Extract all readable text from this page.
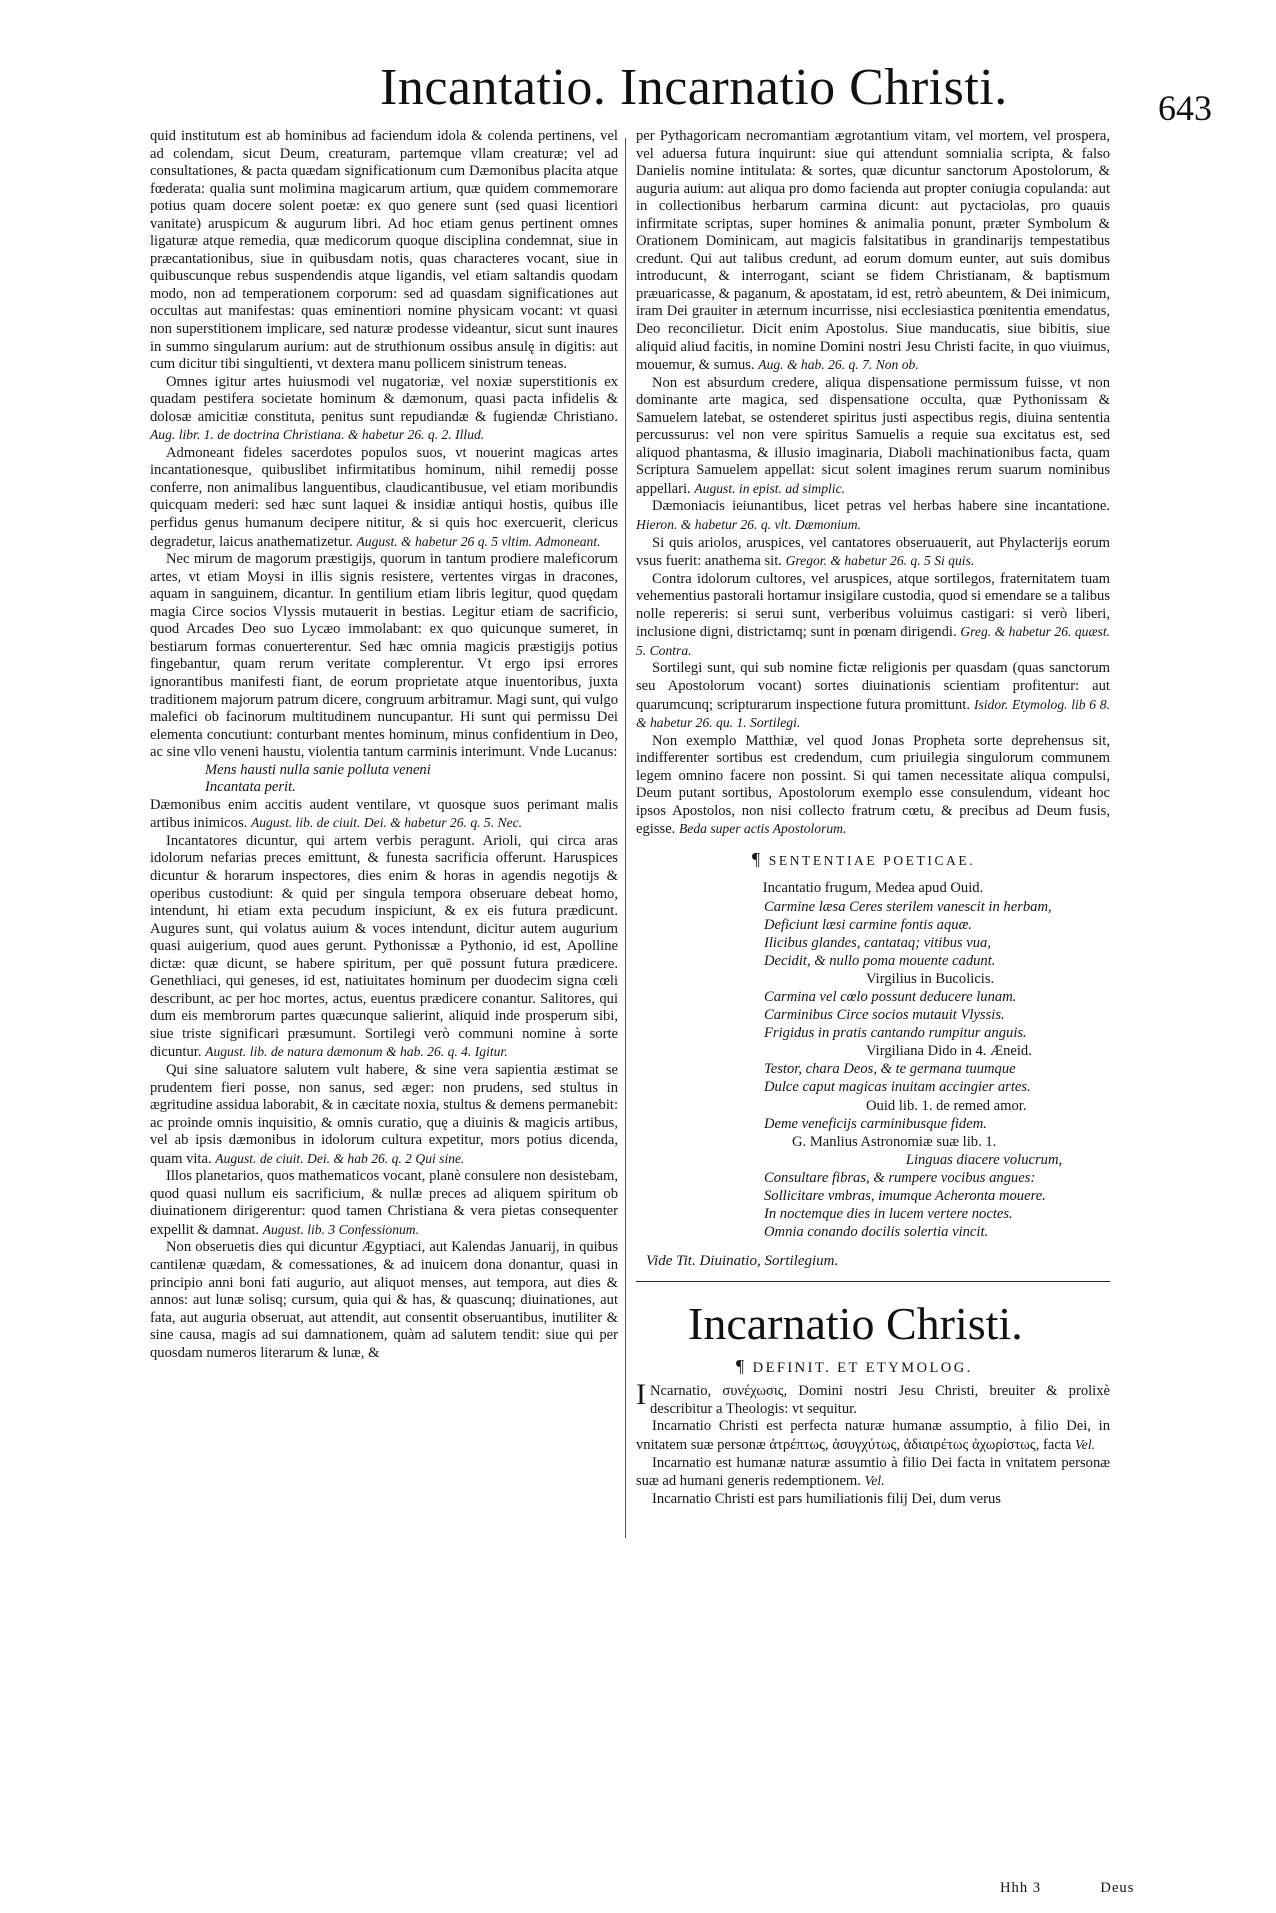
Incantatio. Incarnatio Christi.	643

quid institutum est ab hominibus ad faciendum idola & colenda pertinens, vel ad colendam, sicut Deum, creaturam, partemque vllam creaturæ; vel ad consultationes, & pacta quædam significationum cum Dæmonibus placita atque fœderata: qualia sunt molimina magicarum artium, quæ quidem commemorare potius quam docere solent poetæ: ex quo genere sunt (sed quasi licentiori vanitate) aruspicum & augurum libri. Ad hoc etiam genus pertinent omnes ligaturæ atque remedia, quæ medicorum quoque disciplina condemnat, siue in præcantationibus, siue in quibusdam notis, quas characteres vocant, siue in quibuscunque rebus suspendendis atque ligandis, vel etiam saltandis quodam modo, non ad temperationem corporum: sed ad quasdam significationes aut occultas aut manifestas: quas eminentiori nomine physicam vocant: vt quasi non superstitionem implicare, sed naturæ prodesse videantur, sicut sunt inaures in summo singularum aurium: aut de struthionum ossibus ansulę in digitis: aut cum dicitur tibi singultienti, vt dextera manu pollicem sinistrum teneas.

Omnes igitur artes huiusmodi vel nugatoriæ, vel noxiæ superstitionis ex quadam pestifera societate hominum & dæmonum, quasi pacta infidelis & dolosæ amicitiæ constituta, penitus sunt repudiandæ & fugiendæ Christiano. Aug. libr. 1. de doctrina Christiana. & habetur 26. q. 2. Illud.

Admoneant fideles sacerdotes populos suos, vt nouerint magicas artes incantationesque, quibuslibet infirmitatibus hominum, nihil remedij posse conferre, non animalibus languentibus, claudicantibusue, vel etiam moribundis quicquam mederi: sed hæc sunt laquei & insidiæ antiqui hostis, quibus ille perfidus genus humanum decipere nititur, & si quis hoc exercuerit, clericus degradetur, laicus anathematizetur. August. & habetur 26 q. 5 vltim. Admoneant.

Nec mirum de magorum præstigijs, quorum in tantum prodiere maleficorum artes, vt etiam Moysi in illis signis resistere, vertentes virgas in dracones, aquam in sanguinem, dicantur. In gentilium etiam libris legitur, quod quędam magia Circe socios Vlyssis mutauerit in bestias. Legitur etiam de sacrificio, quod Arcades Deo suo Lycæo immolabant: ex quo quicunque sumeret, in bestiarum formas conuerterentur. Sed hæc omnia magicis præstigijs potius fingebantur, quam rerum veritate complerentur. Vt ergo ipsi errores ignorantibus manifesti fiant, de eorum proprietate atque inuentoribus, juxta traditionem majorum patrum dicere, congruum arbitramur. Magi sunt, qui vulgo malefici ob facinorum multitudinem nuncupantur. Hi sunt qui permissu Dei elementa concutiunt: conturbant mentes hominum, minus confidentium in Deo, ac sine vllo veneni haustu, violentia tantum carminis interimunt. Vnde Lucanus:

Mens hausti nulla sanie polluta veneni
Incantata perit.

Dæmonibus enim accitis audent ventilare, vt quosque suos perimant malis artibus inimicos. August. lib. de ciuit. Dei. & habetur 26. q. 5. Nec.

Incantatores dicuntur, qui artem verbis peragunt. Arioli, qui circa aras idolorum nefarias preces emittunt, & funesta sacrificia offerunt. Haruspices dicuntur & horarum inspectores, dies enim & horas in agendis negotijs & operibus custodiunt: & quid per singula tempora obseruare debeat homo, intendunt, hi etiam exta pecudum inspiciunt, & ex eis futura prædicunt. Augures sunt, qui volatus auium & voces intendunt, dicitur autem augurium quasi auigerium, quod aues gerunt. Pythonissæ a Pythonio, id est, Apolline dictæ: quæ dicunt, se habere spiritum, per quē possunt futura prædicere. Genethliaci, qui geneses, id est, natiuitates hominum per duodecim signa cœli describunt, ac per hoc mortes, actus, euentus prædicere conantur. Salitores, qui dum eis membrorum partes quæcunque salierint, aliquid inde prosperum sibi, siue triste significari præsumunt. Sortilegi verò communi nomine à sorte dicuntur. August. lib. de natura dæmonum & hab. 26. q. 4. Igitur.

Qui sine saluatore salutem vult habere, & sine vera sapientia æstimat se prudentem fieri posse, non sanus, sed æger: non prudens, sed stultus in ægritudine assidua laborabit, & in cæcitate noxia, stultus & demens permanebit: ac proinde omnis inquisitio, & omnis curatio, quę a diuinis & magicis artibus, vel ab ipsis dæmonibus in idolorum cultura expetitur, mors potius dicenda, quam vita. August. de ciuit. Dei. & hab 26. q. 2 Qui sine.

Illos planetarios, quos mathematicos vocant, planè consulere non desistebam, quod quasi nullum eis sacrificium, & nullæ preces ad aliquem spiritum ob diuinationem dirigerentur: quod tamen Christiana & vera pietas consequenter expellit & damnat. August. lib. 3 Confessionum.

Non obseruetis dies qui dicuntur Ægyptiaci, aut Kalendas Januarij, in quibus cantilenæ quædam, & comessationes, & ad inuicem dona donantur, quasi in principio anni boni fati augurio, aut aliquot menses, aut tempora, aut dies & annos: aut lunæ solisq; cursum, quia qui & has, & quascunq; diuinationes, aut fata, aut auguria obseruat, aut attendit, aut consentit obseruantibus, inutiliter & sine causa, magis ad sui damnationem, quàm ad salutem tendit: siue qui per quosdam numeros literarum & lunæ, &

per Pythagoricam necromantiam ægrotantium vitam, vel mortem, vel prospera, vel aduersa futura inquirunt: siue qui attendunt somnialia scripta, & falso Danielis nomine intitulata: & sortes, quæ dicuntur sanctorum Apostolorum, & auguria auium: aut aliqua pro domo facienda aut propter coniugia copulanda: aut in collectionibus herbarum carmina dicunt: aut pyctaciolas, pro quauis infirmitate scriptas, super homines & animalia ponunt, præter Symbolum & Orationem Dominicam, aut magicis falsitatibus in grandinarijs tempestatibus credunt. Qui aut talibus credunt, ad eorum domum eunter, aut suis domibus introducunt, & interrogant, sciant se fidem Christianam, & baptismum præuaricasse, & paganum, & apostatam, id est, retrò abeuntem, & Dei inimicum, iram Dei grauiter in æternum incurrisse, nisi ecclesiastica pœnitentia emendatus, Deo reconcilietur. Dicit enim Apostolus. Siue manducatis, siue bibitis, siue aliquid aliud facitis, in nomine Domini nostri Jesu Christi facite, in quo viuimus, mouemur, & sumus. Aug. & hab. 26. q. 7. Non ob.

Non est absurdum credere, aliqua dispensatione permissum fuisse, vt non dominante arte magica, sed dispensatione occulta, quæ Pythonissam & Samuelem latebat, se ostenderet spiritus justi aspectibus regis, diuina sententia percussurus: vel non vere spiritus Samuelis a requie sua excitatus est, sed aliquod phantasma, & illusio imaginaria, Diaboli machinationibus facta, quam Scriptura Samuelem appellat: sicut solent imagines rerum suarum nominibus appellari. August. in epist. ad simplic.

Dæmoniacis ieiunantibus, licet petras vel herbas habere sine incantatione. Hieron. & habetur 26. q. vlt. Dæmonium.

Si quis ariolos, aruspices, vel cantatores obseruauerit, aut Phylacterijs eorum vsus fuerit: anathema sit. Gregor. & habetur 26. q. 5 Si quis.

Contra idolorum cultores, vel aruspices, atque sortilegos, fraternitatem tuam vehementius pastorali hortamur insigilare custodia, quod si emendare se a talibus nolle repereris: si serui sunt, verberibus voluimus castigari: si verò liberi, inclusione digni, districtamq; sunt in pœnam dirigendi. Greg. & habetur 26. quæst. 5. Contra.

Sortilegi sunt, qui sub nomine fictæ religionis per quasdam (quas sanctorum seu Apostolorum vocant) sortes diuinationis scientiam profitentur: aut quarumcunq; scripturarum inspectione futura promittunt. Isidor. Etymolog. lib 6 8. & habetur 26. qu. 1. Sortilegi.

Non exemplo Matthiæ, vel quod Jonas Propheta sorte deprehensus sit, indifferenter sortibus est credendum, cum priuilegia singulorum communem legem omnino facere non possint. Si qui tamen necessitate aliqua compulsi, Deum putant sortibus, Apostolorum exemplo esse consulendum, videant hoc ipsos Apostolos, non nisi collecto fratrum cœtu, & precibus ad Deum fusis, egisse. Beda super actis Apostolorum.

¶ SENTENTIAE POETICAE.
Incantatio frugum, Medea apud Ouid.
Carmine læsa Ceres sterilem vanescit in herbam,
Deficiunt læsi carmine fontis aquæ.
Ilicibus glandes, cantataq; vitibus vua,
Decidit, & nullo poma mouente cadunt.
Virgilius in Bucolicis.
Carmina vel cœlo possunt deducere lunam.
Carminibus Circe socios mutauit Vlyssis.
Frigidus in pratis cantando rumpitur anguis.
Virgiliana Dido in 4. Æneid.
Testor, chara Deos, & te germana tuumque
Dulce caput magicas inuitam accingier artes.
Ouid lib. 1. de remed amor.
Deme veneficijs carminibusque fidem.
G. Manlius Astronomiæ suæ lib. 1.
Linguas diacere volucrum,
Consultare fibras, & rumpere vocibus angues:
Sollicitare vmbras, imumque Acheronta mouere.
In noctemque dies in lucem vertere noctes.
Omnia conando docilis solertia vincit.
Vide Tit. Diuinatio, Sortilegium.
Incarnatio Christi.
¶ DEFINIT. ET ETYMOLOG.

I Ncarnatio, συνέχωσις, Domini nostri Jesu Christi, breuiter & prolixè describitur a Theologis: vt sequitur.

Incarnatio Christi est perfecta naturæ humanæ assumptio, à filio Dei, in vnitatem suæ personæ ἀτρέπτως, ἀσυγχύτως, ἀδιαιρέτως ἀχωρίστως, facta Vel.

Incarnatio est humanæ naturæ assumtio à filio Dei facta in vnitatem personæ suæ ad humani generis redemptionem. Vel.

Incarnatio Christi est pars humiliationis filij Dei, dum verus

Hhh 3	Deus
